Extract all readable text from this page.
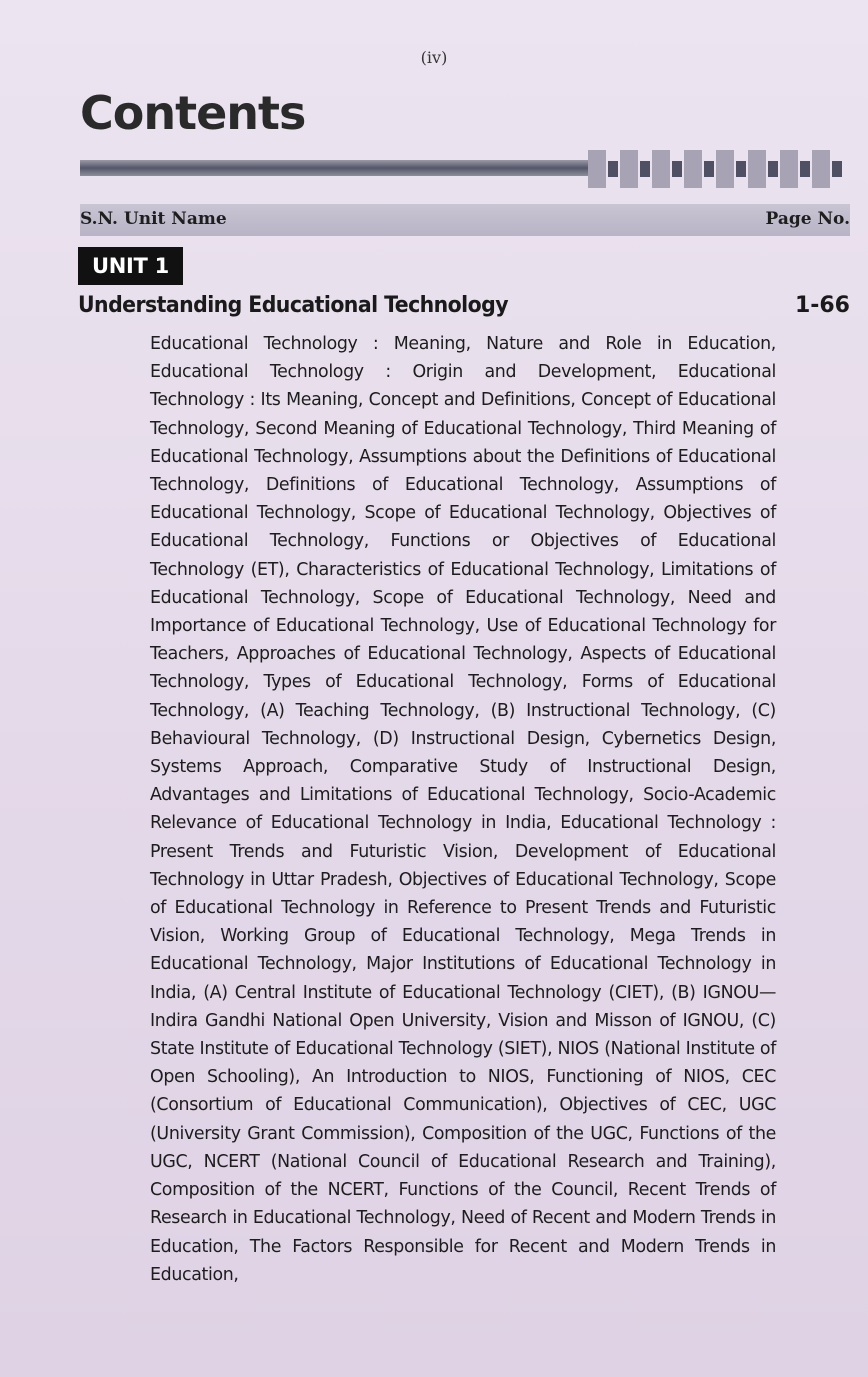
(iv)
Contents
S.N. Unit Name	Page No.
UNIT 1
Understanding Educational Technology	1-66

Educational Technology : Meaning, Nature and Role in Education, Educational Technology : Origin and Development, Educational Technology : Its Meaning, Concept and Definitions, Concept of Educational Technology, Second Meaning of Educational Technology, Third Meaning of Educational Technology, Assumptions about the Definitions of Educational Technology, Definitions of Educational Technology, Assumptions of Educational Technology, Scope of Educational Technology, Objectives of Educational Technology, Functions or Objectives of Educational Technology (ET), Characteristics of Educational Technology, Limitations of Educational Technology, Scope of Educational Technology, Need and Importance of Educational Technology, Use of Educational Technology for Teachers, Approaches of Educational Technology, Aspects of Educational Technology, Types of Educational Technology, Forms of Educational Technology, (A) Teaching Technology, (B) Instructional Technology, (C) Behavioural Technology, (D) Instructional Design, Cybernetics Design, Systems Approach, Comparative Study of Instructional Design, Advantages and Limitations of Educational Technology, Socio-Academic Relevance of Educational Technology in India, Educational Technology : Present Trends and Futuristic Vision, Development of Educational Technology in Uttar Pradesh, Objectives of Educational Technology, Scope of Educational Technology in Reference to Present Trends and Futuristic Vision, Working Group of Educational Technology, Mega Trends in Educational Technology, Major Institutions of Educational Technology in India, (A) Central Institute of Educational Technology (CIET), (B) IGNOU—Indira Gandhi National Open University, Vision and Misson of IGNOU, (C) State Institute of Educational Technology (SIET), NIOS (National Institute of Open Schooling), An Introduction to NIOS, Functioning of NIOS, CEC (Consortium of Educational Communication), Objectives of CEC, UGC (University Grant Commission), Composition of the UGC, Functions of the UGC, NCERT (National Council of Educational Research and Training), Composition of the NCERT, Functions of the Council, Recent Trends of Research in Educational Technology, Need of Recent and Modern Trends in Education, The Factors Responsible for Recent and Modern Trends in Education,
